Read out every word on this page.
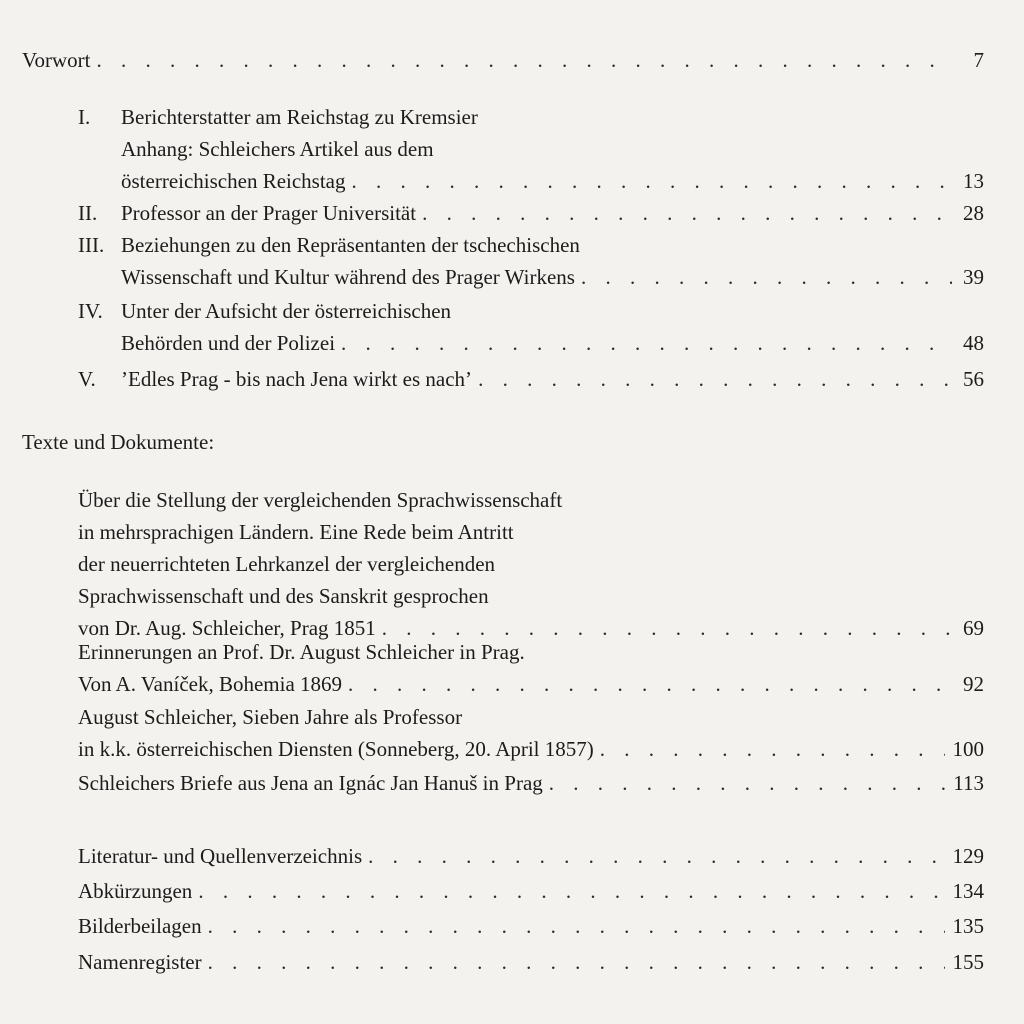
Vorwort . . .	7
I. Berichterstatter am Reichstag zu Kremsier
Anhang: Schleichers Artikel aus dem
österreichischen Reichstag . . .	13
II. Professor an der Prager Universität . . .	28
III. Beziehungen zu den Repräsentanten der tschechischen
Wissenschaft und Kultur während des Prager Wirkens . . .	39
IV. Unter der Aufsicht der österreichischen
Behörden und der Polizei . . .	48
V. ’Edles Prag - bis nach Jena wirkt es nach’ . . .	56
Texte und Dokumente:
Über die Stellung der vergleichenden Sprachwissenschaft
in mehrsprachigen Ländern. Eine Rede beim Antritt
der neuerrichteten Lehrkanzel der vergleichenden
Sprachwissenschaft und des Sanskrit gesprochen
von Dr. Aug. Schleicher, Prag 1851 . . .	69
Erinnerungen an Prof. Dr. August Schleicher in Prag.
Von A. Vaníček, Bohemia 1869 . . .	92
August Schleicher, Sieben Jahre als Professor
in k.k. österreichischen Diensten (Sonneberg, 20. April 1857) . . .	100
Schleichers Briefe aus Jena an Ignác Jan Hanuš in Prag . . .	113
Literatur- und Quellenverzeichnis . . .	129
Abkürzungen . . .	134
Bilderbeilagen . . .	135
Namenregister . . .	155
